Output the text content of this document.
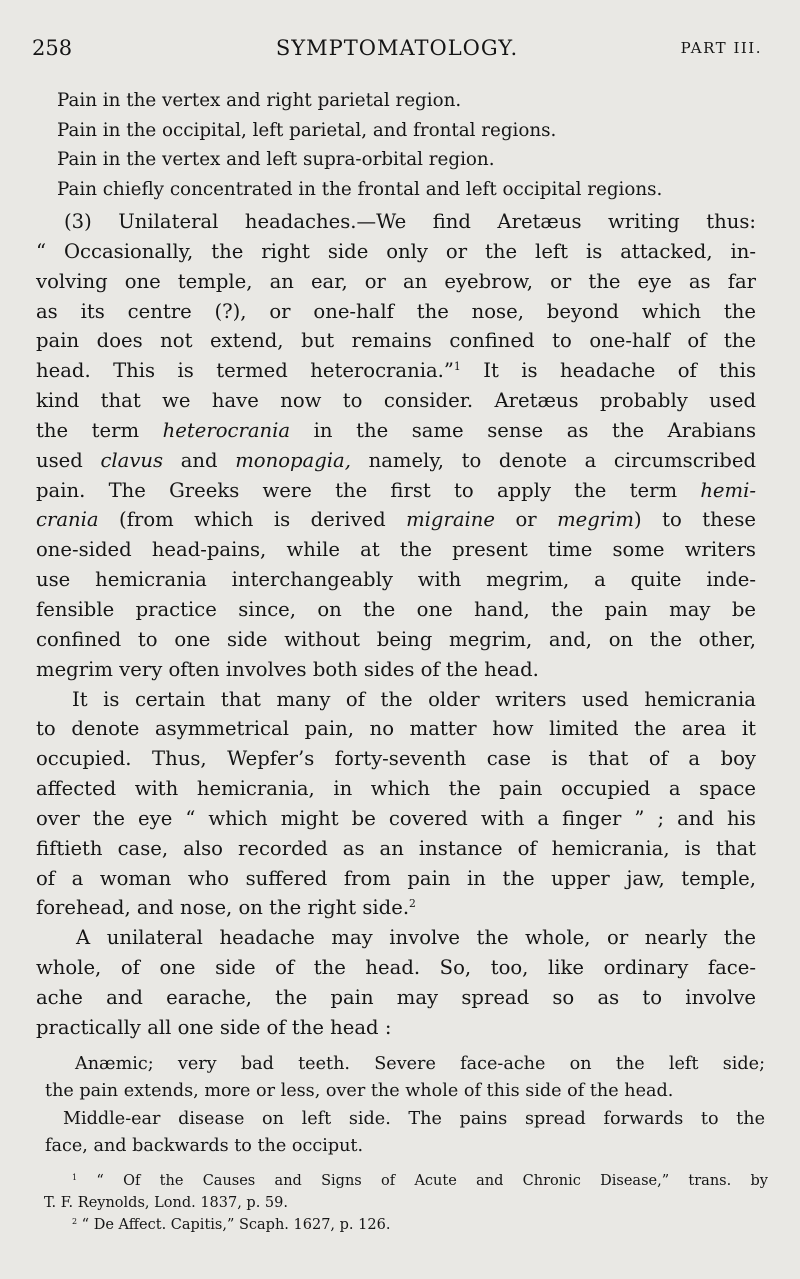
258	SYMPTOMATOLOGY.	PART III.
Pain in the vertex and right parietal region.
Pain in the occipital, left parietal, and frontal regions.
Pain in the vertex and left supra-orbital region.
Pain chiefly concentrated in the frontal and left occipital regions.
(3) Unilateral headaches.—We find Aretæus writing thus:
“ Occasionally, the right side only or the left is attacked, in-
volving one temple, an ear, or an eyebrow, or the eye as far
as its centre (?), or one-half the nose, beyond which the
pain does not extend, but remains confined to one-half of the
head. This is termed heterocrania.”$^1$ It is headache of this
kind that we have now to consider. Aretæus probably used
the term heterocrania in the same sense as the Arabians
used clavus and monopagia, namely, to denote a circumscribed
pain. The Greeks were the first to apply the term hemi-
crania (from which is derived migraine or megrim) to these
one-sided head-pains, while at the present time some writers
use hemicrania interchangeably with megrim, a quite inde-
fensible practice since, on the one hand, the pain may be
confined to one side without being megrim, and, on the other,
megrim very often involves both sides of the head.
It is certain that many of the older writers used hemicrania
to denote asymmetrical pain, no matter how limited the area it
occupied. Thus, Wepfer’s forty-seventh case is that of a boy
affected with hemicrania, in which the pain occupied a space
over the eye “ which might be covered with a finger ” ; and his
fiftieth case, also recorded as an instance of hemicrania, is that
of a woman who suffered from pain in the upper jaw, temple,
forehead, and nose, on the right side.$^2$
A unilateral headache may involve the whole, or nearly the
whole, of one side of the head. So, too, like ordinary face-
ache and earache, the pain may spread so as to involve
practically all one side of the head :
Anæmic; very bad teeth. Severe face-ache on the left side;
the pain extends, more or less, over the whole of this side of the head.
Middle-ear disease on left side. The pains spread forwards to the
face, and backwards to the occiput.
$^1$ “ Of the Causes and Signs of Acute and Chronic Disease,” trans. by
T. F. Reynolds, Lond. 1837, p. 59.
$^2$ “ De Affect. Capitis,” Scaph. 1627, p. 126.
